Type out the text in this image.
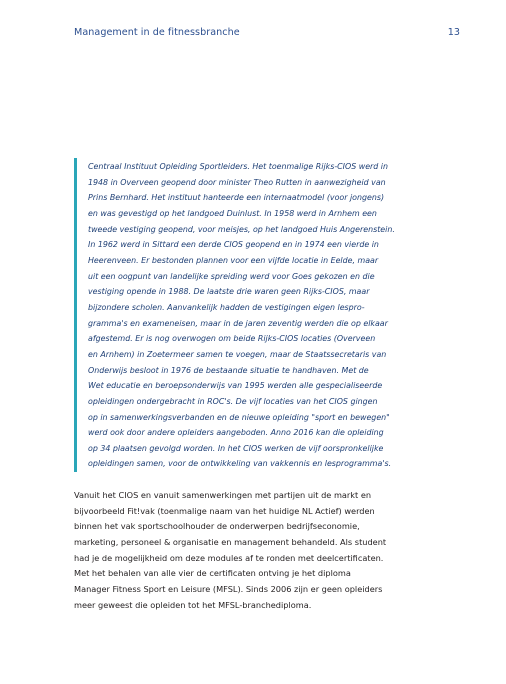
Management in de fitnessbranche	13

Centraal Instituut Opleiding Sportleiders. Het toenmalige Rijks-CIOS werd in
1948 in Overveen geopend door minister Theo Rutten in aanwezigheid van
Prins Bernhard. Het instituut hanteerde een internaatmodel (voor jongens)
en was gevestigd op het landgoed Duinlust. In 1958 werd in Arnhem een
tweede vestiging geopend, voor meisjes, op het landgoed Huis Angerenstein.
In 1962 werd in Sittard een derde CIOS geopend en in 1974 een vierde in
Heerenveen. Er bestonden plannen voor een vijfde locatie in Eelde, maar
uit een oogpunt van landelijke spreiding werd voor Goes gekozen en die
vestiging opende in 1988. De laatste drie waren geen Rijks-CIOS, maar
bijzondere scholen. Aanvankelijk hadden de vestigingen eigen lespro-
gramma's en exameneisen, maar in de jaren zeventig werden die op elkaar
afgestemd. Er is nog overwogen om beide Rijks-CIOS locaties (Overveen
en Arnhem) in Zoetermeer samen te voegen, maar de Staatssecretaris van
Onderwijs besloot in 1976 de bestaande situatie te handhaven. Met de
Wet educatie en beroepsonderwijs van 1995 werden alle gespecialiseerde
opleidingen ondergebracht in ROC's. De vijf locaties van het CIOS gingen
op in samenwerkingsverbanden en de nieuwe opleiding "sport en bewegen"
werd ook door andere opleiders aangeboden. Anno 2016 kan die opleiding
op 34 plaatsen gevolgd worden. In het CIOS werken de vijf oorspronkelijke
opleidingen samen, voor de ontwikkeling van vakkennis en lesprogramma's.

Vanuit het CIOS en vanuit samenwerkingen met partijen uit de markt en
bijvoorbeeld Fit!vak (toenmalige naam van het huidige NL Actief) werden
binnen het vak sportschoolhouder de onderwerpen bedrijfseconomie,
marketing, personeel & organisatie en management behandeld. Als student
had je de mogelijkheid om deze modules af te ronden met deelcertificaten.
Met het behalen van alle vier de certificaten ontving je het diploma
Manager Fitness Sport en Leisure (MFSL). Sinds 2006 zijn er geen opleiders
meer geweest die opleiden tot het MFSL-branchediploma.
